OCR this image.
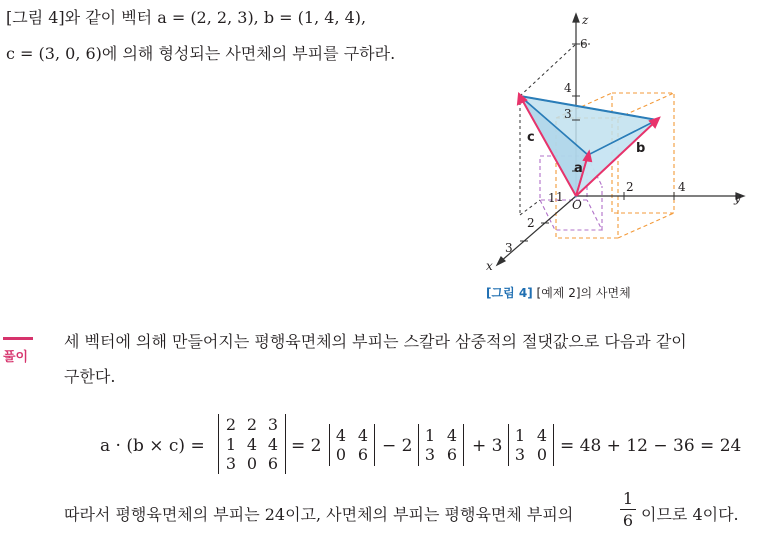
[그림 4]와 같이 벡터 a = (2, 2, 3), b = (1, 4, 4),
c = (3, 0, 6)에 의해 형성되는 사면체의 부피를 구하라.
z
y
x
O
6
4
3
1
2	4
1
2
3
c
b
a
[그림 4] [예제 2]의 사면체
풀이
세 벡터에 의해 만들어지는 평행육면체의 부피는 스칼라 삼중적의 절댓값으로 다음과 같이
구한다.
a · (b × c) =
2 2 3
1 4 4
3 0 6
= 2
4 4
0 6 − 2
1 4
3 6 + 3
1 4
3 0 = 48 + 12 − 36 = 24
따라서 평행육면체의 부피는 24이고, 사면체의 부피는 평행육면체 부피의
1
6 이므로 4이다.
